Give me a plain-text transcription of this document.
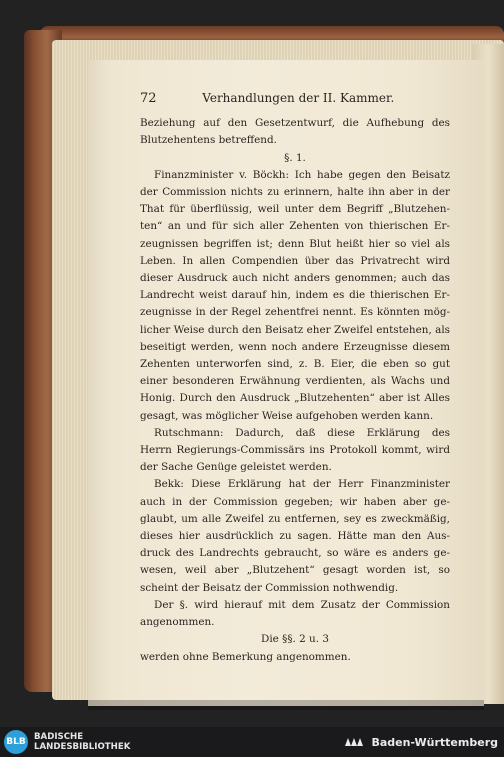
72	Verhandlungen der II. Kammer.
Beziehung auf den Gesetzentwurf, die Aufhebung des
Blutzehentens betreffend.
§. 1.
Finanzminister v. Böckh: Ich habe gegen den Beisatz
der Commission nichts zu erinnern, halte ihn aber in der
That für überflüssig, weil unter dem Begriff „Blutzehen-
ten“ an und für sich aller Zehenten von thierischen Er-
zeugnissen begriffen ist; denn Blut heißt hier so viel als
Leben. In allen Compendien über das Privatrecht wird
dieser Ausdruck auch nicht anders genommen; auch das
Landrecht weist darauf hin, indem es die thierischen Er-
zeugnisse in der Regel zehentfrei nennt. Es könnten mög-
licher Weise durch den Beisatz eher Zweifel entstehen, als
beseitigt werden, wenn noch andere Erzeugnisse diesem
Zehenten unterworfen sind, z. B. Eier, die eben so gut
einer besonderen Erwähnung verdienten, als Wachs und
Honig. Durch den Ausdruck „Blutzehenten“ aber ist Alles
gesagt, was möglicher Weise aufgehoben werden kann.
Rutschmann: Dadurch, daß diese Erklärung des
Herrn Regierungs-Commissärs ins Protokoll kommt, wird
der Sache Genüge geleistet werden.
Bekk: Diese Erklärung hat der Herr Finanzminister
auch in der Commission gegeben; wir haben aber ge-
glaubt, um alle Zweifel zu entfernen, sey es zweckmäßig,
dieses hier ausdrücklich zu sagen. Hätte man den Aus-
druck des Landrechts gebraucht, so wäre es anders ge-
wesen, weil aber „Blutzehent“ gesagt worden ist, so
scheint der Beisatz der Commission nothwendig.
Der §. wird hierauf mit dem Zusatz der Commission
angenommen.
Die §§. 2 u. 3
werden ohne Bemerkung angenommen.
BLB BADISCHE
LANDESBIBLIOTHEK	Baden-Württemberg
